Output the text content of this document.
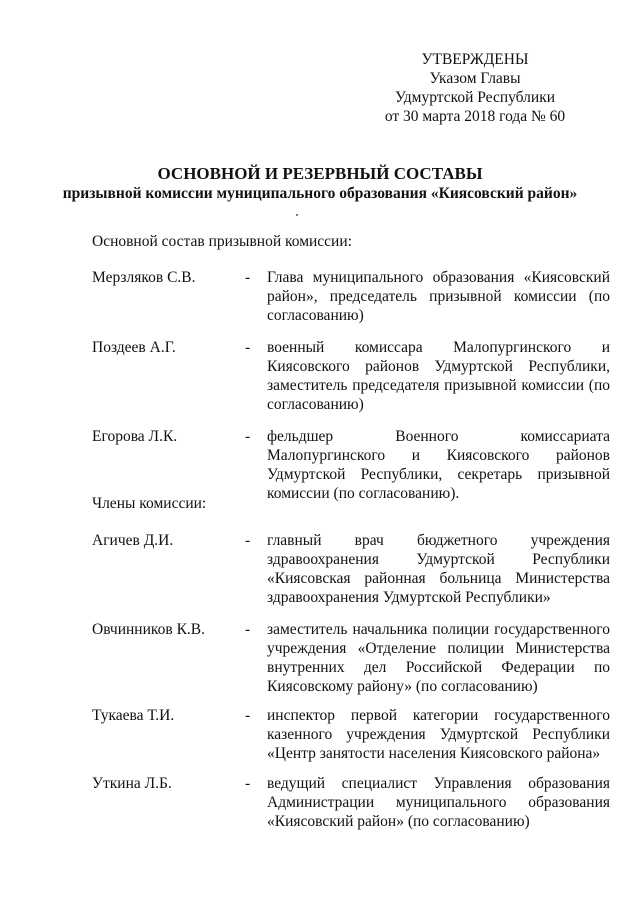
УТВЕРЖДЕНЫ
Указом Главы
Удмуртской Республики
от 30 марта 2018 года № 60
ОСНОВНОЙ И РЕЗЕРВНЫЙ СОСТАВЫ
призывной комиссии муниципального образования «Киясовский район»
Основной состав призывной комиссии:
Мерзляков С.В.	- Глава муниципального образования «Киясовский район», председатель призывной комиссии (по согласованию)
Поздеев А.Г.	- военный комиссара Малопургинского и Киясовского районов Удмуртской Республики, заместитель председателя призывной комиссии (по согласованию)
Егорова Л.К.	- фельдшер Военного комиссариата Малопургинского и Киясовского районов Удмуртской Республики, секретарь призывной комиссии (по согласованию).
Члены комиссии:
Агичев Д.И.	- главный врач бюджетного учреждения здравоохранения Удмуртской Республики «Киясовская районная больница Министерства здравоохранения Удмуртской Республики»
Овчинников К.В.	- заместитель начальника полиции государственного учреждения «Отделение полиции Министерства внутренних дел Российской Федерации по Киясовскому району» (по согласованию)
Тукаева Т.И.	- инспектор первой категории государственного казенного учреждения Удмуртской Республики «Центр занятости населения Киясовского района»
Уткина Л.Б.	- ведущий специалист Управления образования Администрации муниципального образования «Киясовский район» (по согласованию)
